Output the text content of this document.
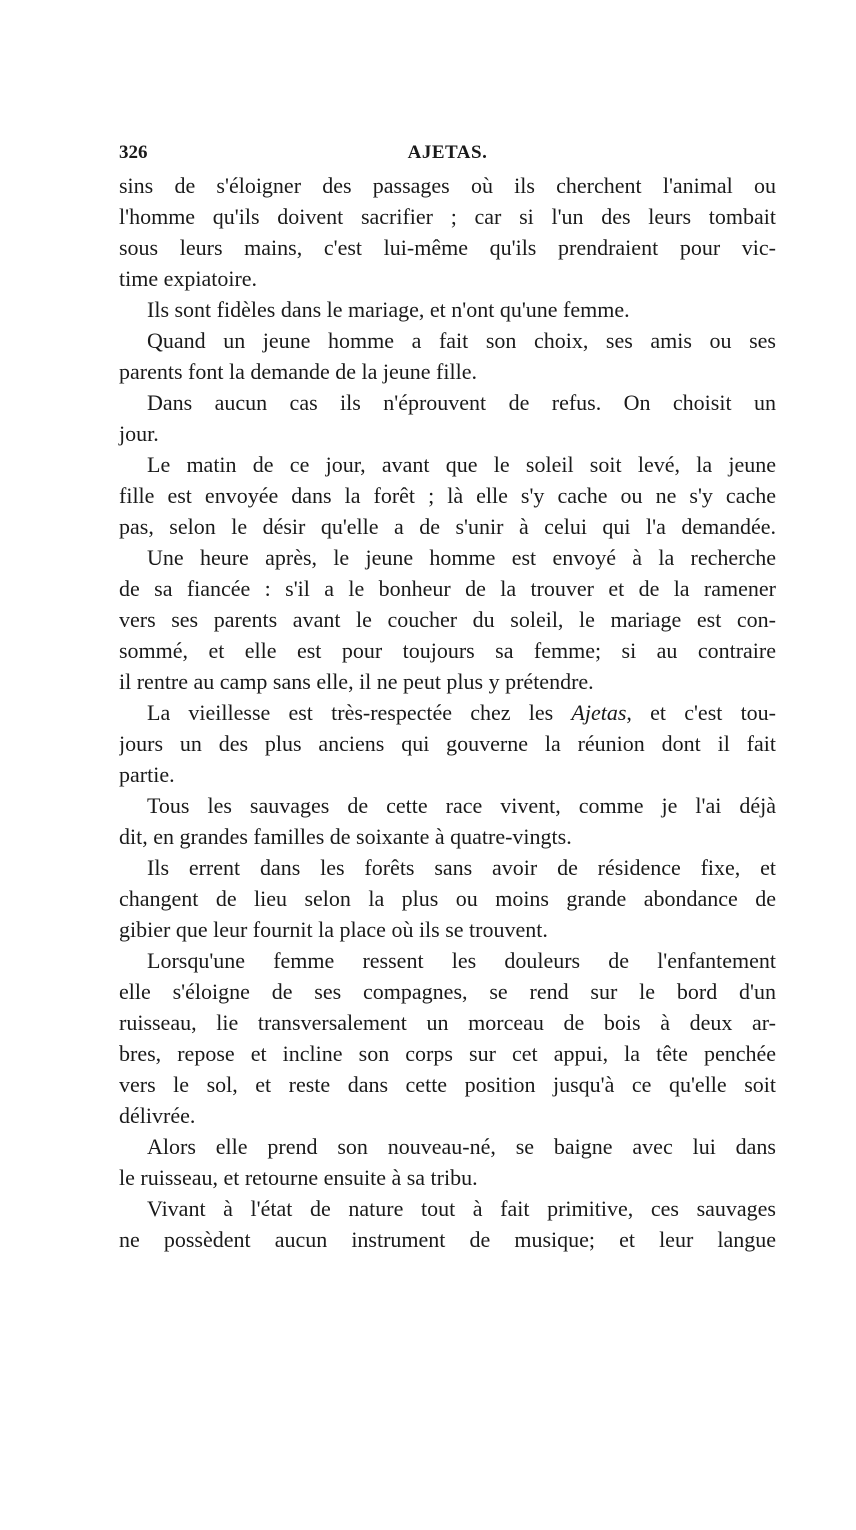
326	AJETAS.
sins de s'éloigner des passages où ils cherchent l'animal ou
l'homme qu'ils doivent sacrifier ; car si l'un des leurs tombait
sous leurs mains, c'est lui-même qu'ils prendraient pour vic-
time expiatoire.
Ils sont fidèles dans le mariage, et n'ont qu'une femme.
Quand un jeune homme a fait son choix, ses amis ou ses
parents font la demande de la jeune fille.
Dans aucun cas ils n'éprouvent de refus. On choisit un
jour.
Le matin de ce jour, avant que le soleil soit levé, la jeune
fille est envoyée dans la forêt ; là elle s'y cache ou ne s'y cache
pas, selon le désir qu'elle a de s'unir à celui qui l'a demandée.
Une heure après, le jeune homme est envoyé à la recherche
de sa fiancée : s'il a le bonheur de la trouver et de la ramener
vers ses parents avant le coucher du soleil, le mariage est con-
sommé, et elle est pour toujours sa femme; si au contraire
il rentre au camp sans elle, il ne peut plus y prétendre.
La vieillesse est très-respectée chez les Ajetas, et c'est tou-
jours un des plus anciens qui gouverne la réunion dont il fait
partie.
Tous les sauvages de cette race vivent, comme je l'ai déjà
dit, en grandes familles de soixante à quatre-vingts.
Ils errent dans les forêts sans avoir de résidence fixe, et
changent de lieu selon la plus ou moins grande abondance de
gibier que leur fournit la place où ils se trouvent.
Lorsqu'une femme ressent les douleurs de l'enfantement
elle s'éloigne de ses compagnes, se rend sur le bord d'un
ruisseau, lie transversalement un morceau de bois à deux ar-
bres, repose et incline son corps sur cet appui, la tête penchée
vers le sol, et reste dans cette position jusqu'à ce qu'elle soit
délivrée.
Alors elle prend son nouveau-né, se baigne avec lui dans
le ruisseau, et retourne ensuite à sa tribu.
Vivant à l'état de nature tout à fait primitive, ces sauvages
ne possèdent aucun instrument de musique; et leur langue
